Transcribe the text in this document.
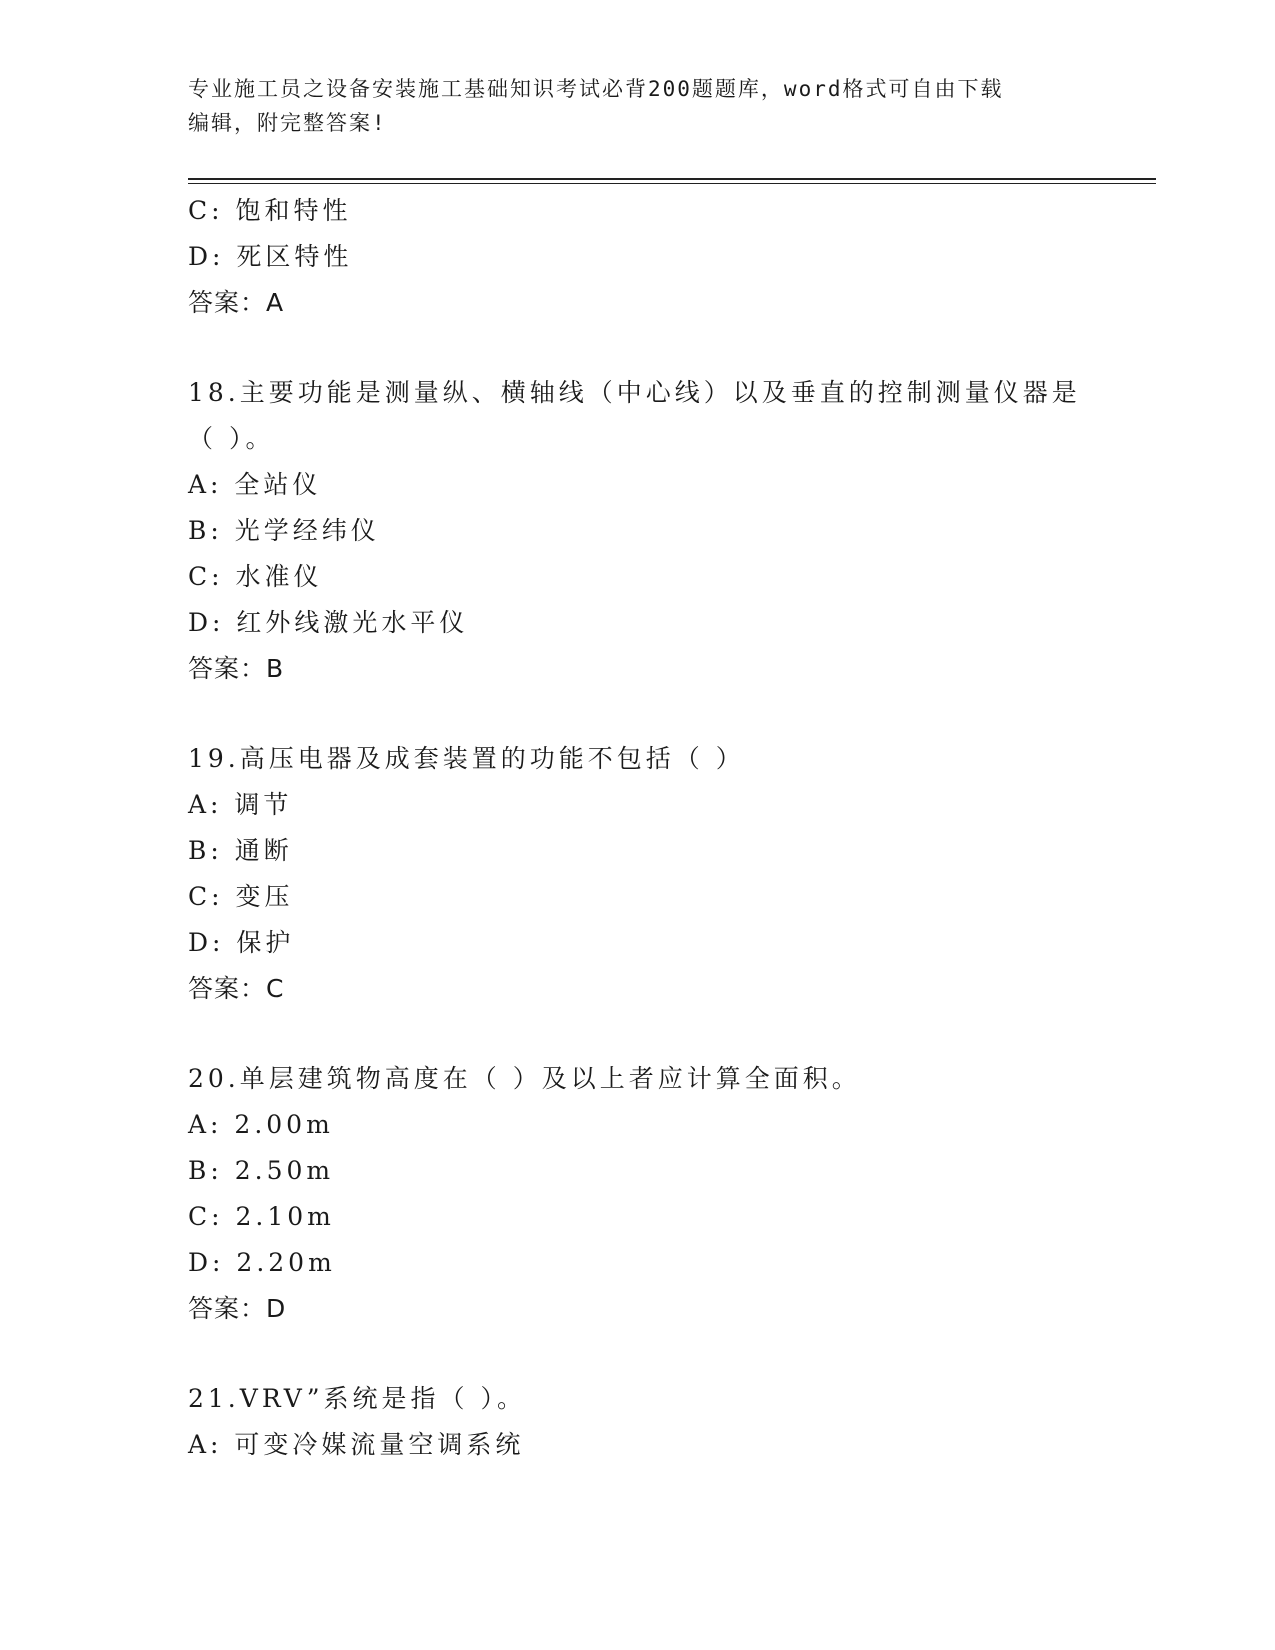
专业施工员之设备安装施工基础知识考试必背200题题库，word格式可自由下载
编辑，附完整答案!
C: 饱和特性
D: 死区特性
答案：A
18.主要功能是测量纵、横轴线（中心线）以及垂直的控制测量仪器是
（ ）。
A: 全站仪
B: 光学经纬仪
C: 水准仪
D: 红外线激光水平仪
答案：B
19.高压电器及成套装置的功能不包括（ ）
A: 调节
B: 通断
C: 变压
D: 保护
答案：C
20.单层建筑物高度在（ ）及以上者应计算全面积。
A: 2.00m
B: 2.50m
C: 2.10m
D: 2.20m
答案：D
21.VRV”系统是指（ ）。
A: 可变冷媒流量空调系统
